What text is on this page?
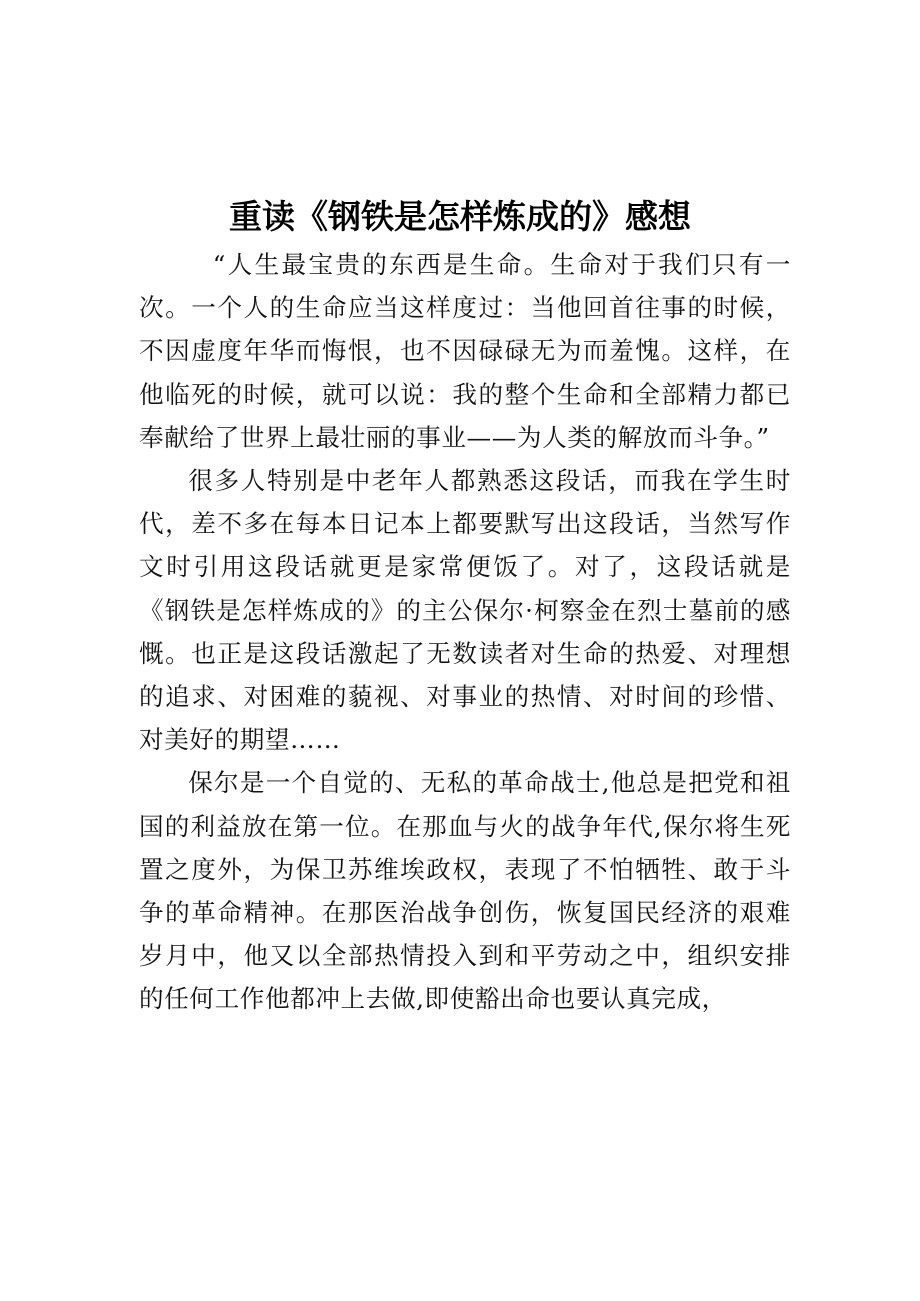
重读《钢铁是怎样炼成的》感想

“人生最宝贵的东西是生命。生命对于我们只有一次。一个人的生命应当这样度过：当他回首往事的时候，不因虚度年华而悔恨，也不因碌碌无为而羞愧。这样，在他临死的时候，就可以说：我的整个生命和全部精力都已奉献给了世界上最壮丽的事业——为人类的解放而斗争。”

很多人特别是中老年人都熟悉这段话，而我在学生时代，差不多在每本日记本上都要默写出这段话，当然写作文时引用这段话就更是家常便饭了。对了，这段话就是《钢铁是怎样炼成的》的主公保尔·柯察金在烈士墓前的感慨。也正是这段话激起了无数读者对生命的热爱、对理想的追求、对困难的藐视、对事业的热情、对时间的珍惜、对美好的期望……

保尔是一个自觉的、无私的革命战士,他总是把党和祖国的利益放在第一位。在那血与火的战争年代,保尔将生死置之度外，为保卫苏维埃政权，表现了不怕牺牲、敢于斗争的革命精神。在那医治战争创伤，恢复国民经济的艰难岁月中，他又以全部热情投入到和平劳动之中，组织安排的任何工作他都冲上去做,即使豁出命也要认真完成，
